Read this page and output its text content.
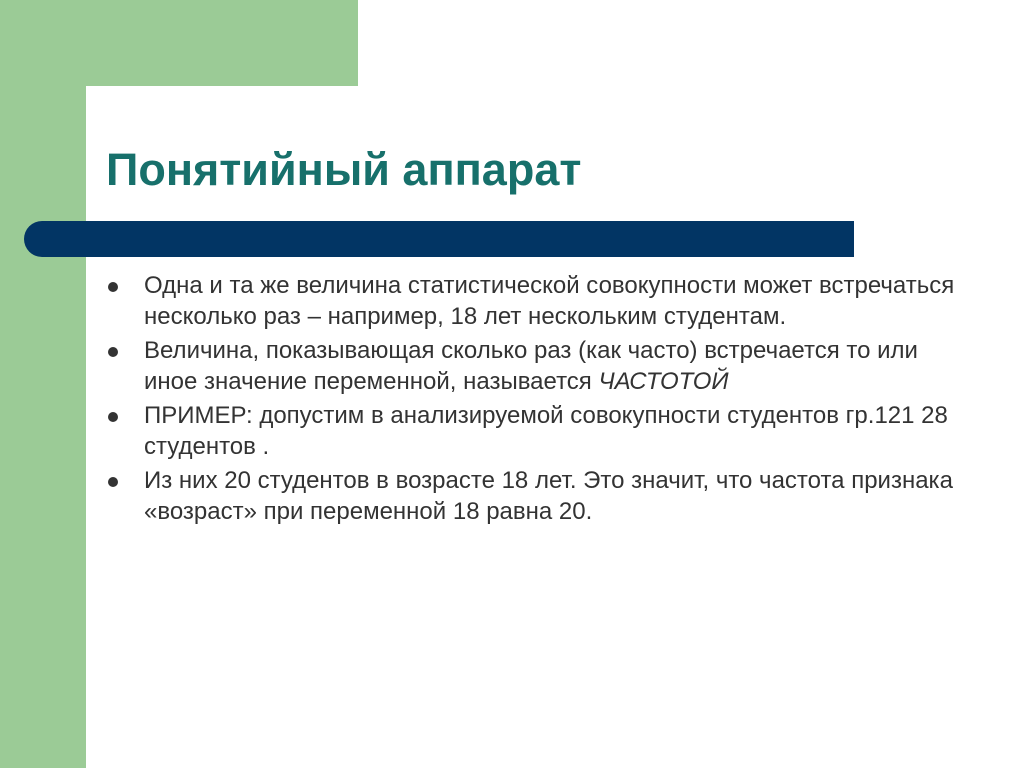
Понятийный аппарат
Одна и та же величина статистической совокупности может встречаться несколько раз – например, 18 лет нескольким студентам.
Величина, показывающая сколько раз (как часто) встречается то или иное значение переменной, называется ЧАСТОТОЙ
ПРИМЕР: допустим в анализируемой совокупности студентов гр.121 28 студентов .
Из них 20 студентов в возрасте 18 лет. Это значит, что частота признака «возраст» при переменной 18 равна 20.
